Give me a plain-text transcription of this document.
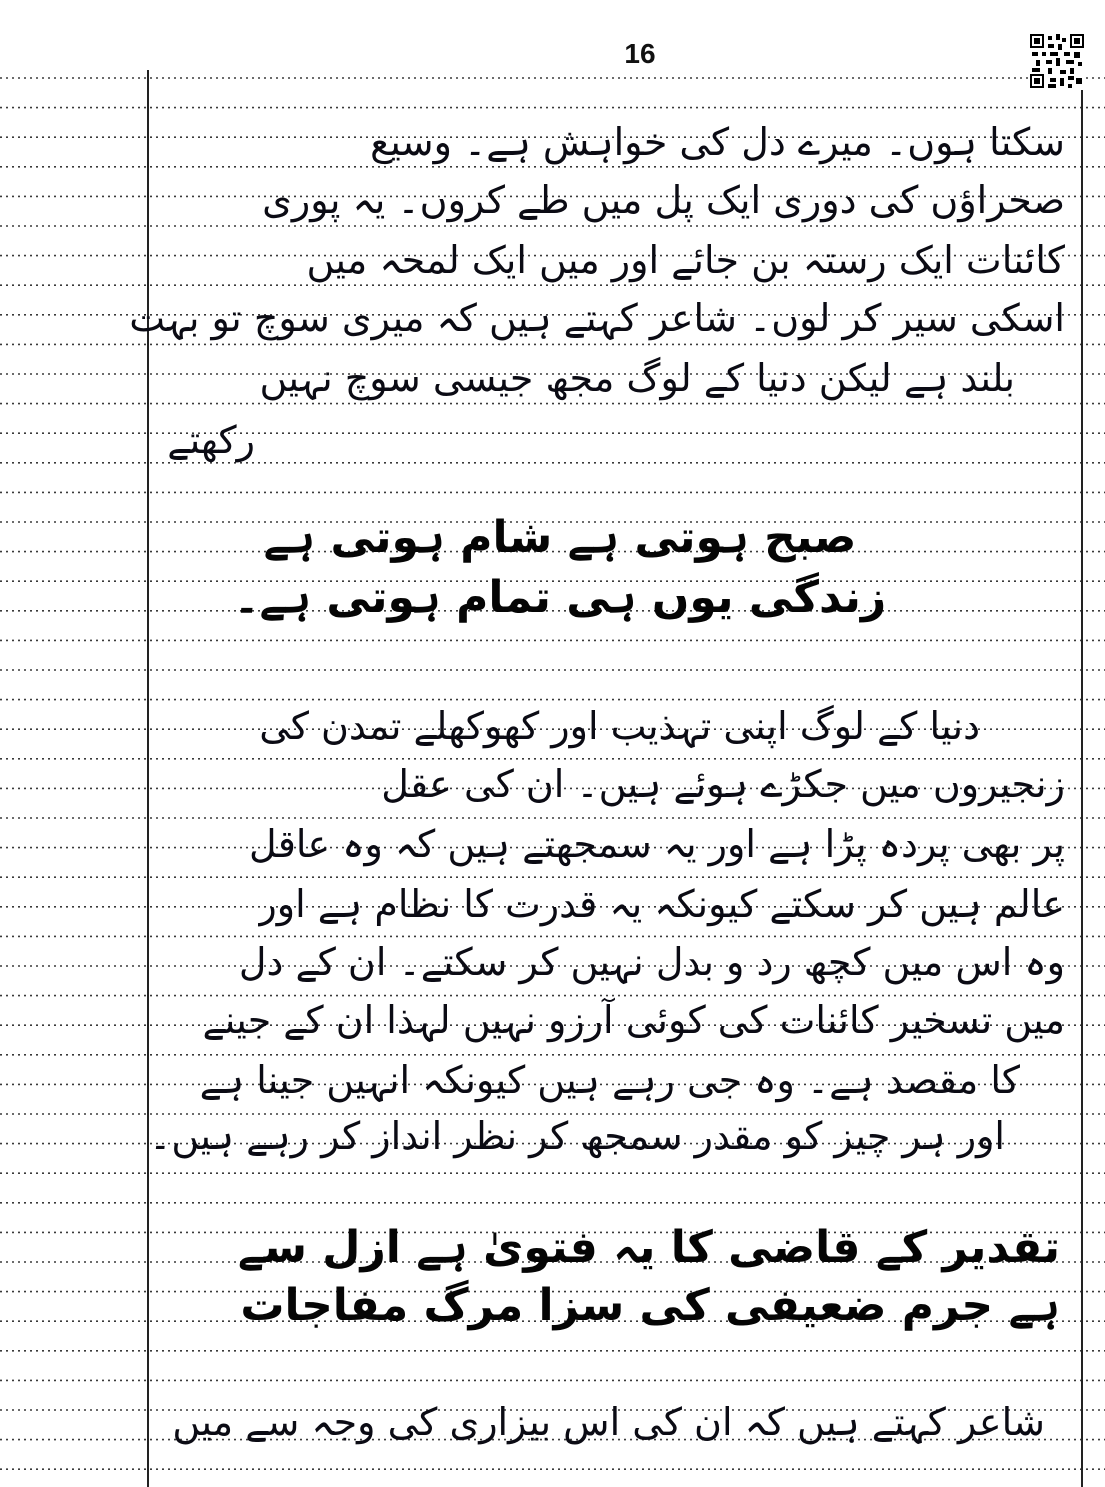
16
سکتا ہوں۔ میرے دل کی خواہش ہے۔ وسیع
صحراؤں کی دوری ایک پل میں طے کروں۔ یہ پوری
کائنات ایک رستہ بن جائے اور میں ایک لمحہ میں
اسکی سیر کر لوں۔ شاعر کہتے ہیں کہ میری سوچ تو بہت
بلند ہے لیکن دنیا کے لوگ مجھ جیسی سوچ نہیں
رکھتے
صبح ہوتی ہے شام ہوتی ہے
زندگی یوں ہی تمام ہوتی ہے۔
دنیا کے لوگ اپنی تہذیب اور کھوکھلے تمدن کی
زنجیروں میں جکڑے ہوئے ہیں۔ ان کی عقل
پر بھی پردہ پڑا ہے اور یہ سمجھتے ہیں کہ وہ عاقل
عالم ہیں کر سکتے کیونکہ یہ قدرت کا نظام ہے اور
وہ اس میں کچھ رد و بدل نہیں کر سکتے۔ ان کے دل
میں تسخیر کائنات کی کوئی آرزو نہیں لہذا ان کے جینے
کا مقصد ہے۔ وہ جی رہے ہیں کیونکہ انہیں جینا ہے
اور ہر چیز کو مقدر سمجھ کر نظر انداز کر رہے ہیں۔
تقدیر کے قاضی کا یہ فتویٰ ہے ازل سے
ہے جرم ضعیفی کی سزا مرگ مفاجات
شاعر کہتے ہیں کہ ان کی اس بیزاری کی وجہ سے میں
